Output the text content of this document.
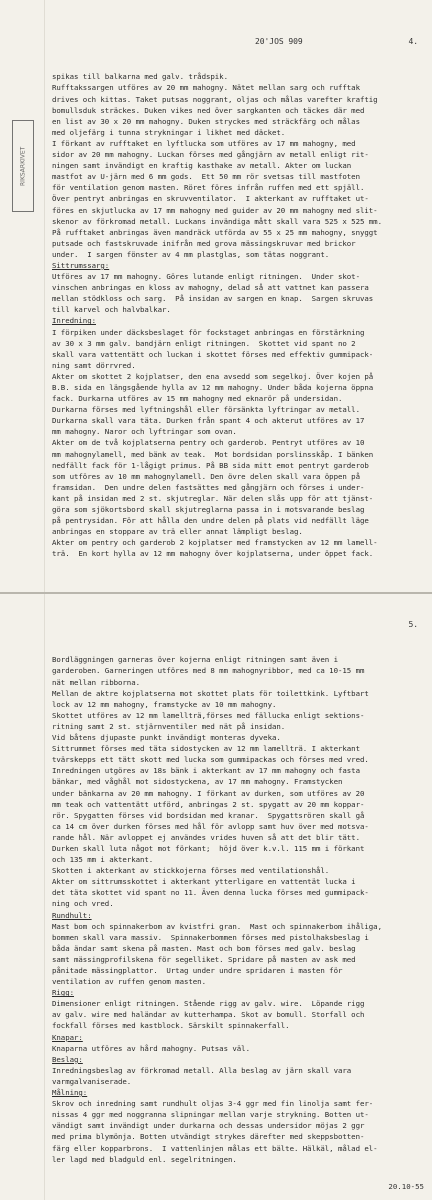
RIKSARKIVET

20'JOS 909

	4.

spikas till balkarna med galv. trådspik.
Rufftakssargen utföres av 20 mm mahogny. Nätet mellan sarg och rufftak
drives och kittas. Taket putsas noggrant, oljas och målas varefter kraftig
bomullsduk sträckes. Duken vikes ned över sargkanten och täckes där med
en list av 30 x 20 mm mahogny. Duken stryckes med sträckfärg och målas
med oljefärg i tunna strykningar i likhet med däcket.
I förkant av rufftaket en lyftlucka som utföres av 17 mm mahogny, med
sidor av 20 mm mahogny. Luckan förses med gångjärn av metall enligt rit-
ningen samt invändigt en kraftig kasthake av metall. Akter om luckan
mastfot av U-järn med 6 mm gods.  Ett 50 mm rör svetsas till mastfoten
för ventilation genom masten. Röret föres infrån ruffen med ett spjäll.
Över pentryt anbringas en skruvventilator.  I akterkant av rufftaket ut-
föres en skjutlucka av 17 mm mahogny med guider av 20 mm mahogny med slit-
skenor av förkromad metall. Luckans invändiga mått skall vara 525 x 525 mm.
På rufftaket anbringas även mandräck utförda av 55 x 25 mm mahogny, snyggt
putsade och fastskruvade inifrån med grova mässingskruvar med brickor
under.  I sargen fönster av 4 mm plastglas, som tätas noggrant.
Sittrumssarg:
Utföres av 17 mm mahogny. Göres lutande enligt ritningen.  Under skot-
vinschen anbringas en kloss av mahogny, delad så att vattnet kan passera
mellan stödkloss och sarg.  På insidan av sargen en knap.  Sargen skruvas
till karvel och halvbalkar.
Inredning:
I förpiken under däcksbeslaget för fockstaget anbringas en förstärkning
av 30 x 3 mm galv. bandjärn enligt ritningen.  Skottet vid spant no 2
skall vara vattentätt och luckan i skottet förses med effektiv gummipack-
ning samt dörrvred.
Akter om skottet 2 kojplatser, den ena avsedd som segelkoj. Över kojen på
B.B. sida en längsgående hylla av 12 mm mahogny. Under båda kojerna öppna
fack. Durkarna utföres av 15 mm mahogny med eknarör på undersidan.
Durkarna förses med lyftningshål eller försänkta lyftringar av metall.
Durkarna skall vara täta. Durken från spant 4 och akterut utföres av 17
mm mahogny. Naror och lyftringar som ovan.
Akter om de två kojplatserna pentry och garderob. Pentryt utföres av 10
mm mahognylamell, med bänk av teak.  Mot bordsidan porslinsskåp. I bänken
nedfällt fack för 1-lågigt primus. På BB sida mitt emot pentryt garderob
som utföres av 10 mm mahognylamell. Den övre delen skall vara öppen på
framsidan.  Den undre delen fastsättes med gångjärn och förses i under-
kant på insidan med 2 st. skjutreglar. När delen slås upp för att tjänst-
göra som sjökortsbord skall skjutreglarna passa in i motsvarande beslag
på pentrysidan. För att hålla den undre delen på plats vid nedfällt läge
anbringas en stoppare av trä eller annat lämpligt beslag.
Akter om pentry och garderob 2 kojplatser med framstycken av 12 mm lamell-
trä.  En kort hylla av 12 mm mahogny över kojplatserna, under öppet fack.

5.

Bordläggningen garneras över kojerna enligt ritningen samt även i
garderoben. Garneringen utföres med 8 mm mahognyribbor, med ca 10-15 mm
nät mellan ribborna.
Mellan de aktre kojplatserna mot skottet plats för toilettkink. Lyftbart
lock av 12 mm mahogny, framstycke av 10 mm mahogny.
Skottet utföres av 12 mm lamellträ,förses med fällucka enligt sektions-
ritning samt 2 st. stjärnventiler med nät på insidan.
Vid båtens djupaste punkt invändigt monteras dyveka.
Sittrummet förses med täta sidostycken av 12 mm lamellträ. I akterkant
tvärskepps ett tätt skott med lucka som gummipackas och förses med vred.
Inredningen utgöres av 18s bänk i akterkant av 17 mm mahogny och fasta
bänkar, med våghål mot sidostyckena, av 17 mm mahogny. Framstycken
under bänkarna av 20 mm mahogny. I förkant av durken, som utföres av 20
mm teak och vattentätt utförd, anbringas 2 st. spygatt av 20 mm koppar-
rör. Spygatten förses vid bordsidan med kranar.  Spygattsrören skall gå
ca 14 cm över durken förses med hål för avlopp samt huv över med motsva-
rande hål. När avloppet ej användes vrides huven så att det blir tätt.
Durken skall luta något mot förkant;  höjd över k.v.l. 115 mm i förkant
och 135 mm i akterkant.
Skotten i akterkant av stickkojerna förses med ventilationshål.
Akter om sittrumsskottet i akterkant ytterligare en vattentät lucka i
det täta skottet vid spant no 11. Även denna lucka förses med gummipack-
ning och vred.
Rundhult:
Mast bom och spinnakerbom av kvistfri gran.  Mast och spinnakerbom ihåliga,
bommen skall vara massiv.  Spinnakerbommen förses med pistolhaksbeslag i
båda ändar samt skena på masten. Mast och bom förses med galv. beslag
samt mässingprofilskena för segelliket. Spridare på masten av ask med
pånitade mässingplattor.  Urtag under undre spridaren i masten för
ventilation av ruffen genom masten.
Rigg:
Dimensioner enligt ritningen. Stående rigg av galv. wire.  Löpande rigg
av galv. wire med haländar av kutterhampa. Skot av bomull. Storfall och
fockfall förses med kastblock. Särskilt spinnakerfall.
Knapar:
Knaparna utföres av hård mahogny. Putsas väl.
Beslag:
Inredningsbeslag av förkromad metall. Alla beslag av järn skall vara
varmgalvaniserade.
Målning:
Skrov och inredning samt rundhult oljas 3-4 ggr med fin linolja samt fer-
nissas 4 ggr med noggranna slipningar mellan varje strykning. Botten ut-
vändigt samt invändigt under durkarna och dessas undersidor möjas 2 ggr
med prima blymönja. Botten utvändigt strykes därefter med skeppsbotten-
färg eller kopparbrons.  I vattenlinjen målas ett bälte. Hälkäl, målad el-
ler lagd med bladguld enl. segelritningen.

20.10-55
